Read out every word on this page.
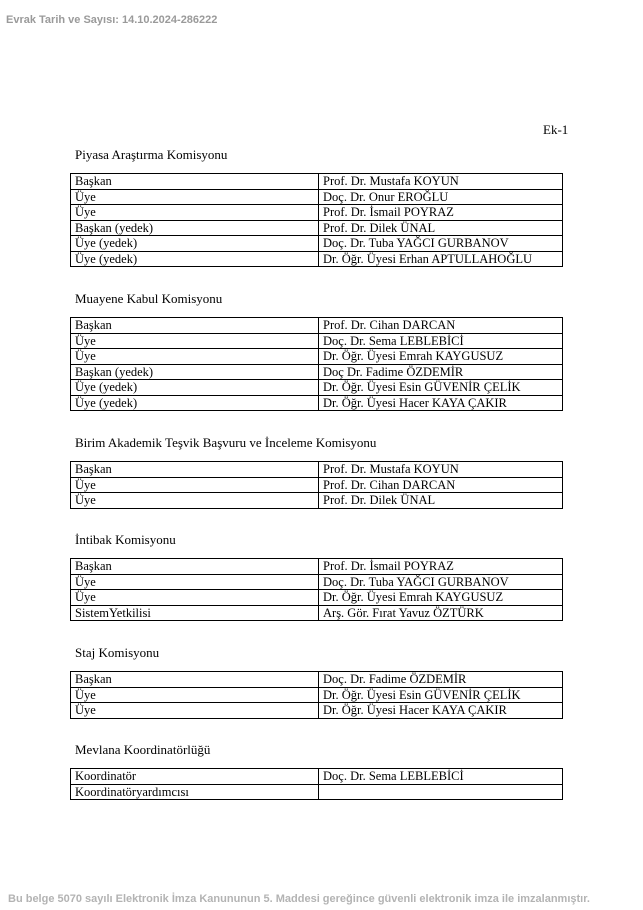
Evrak Tarih ve Sayısı: 14.10.2024-286222
Ek-1
Piyasa Araştırma Komisyonu
Başkan	Prof. Dr. Mustafa KOYUN
Üye	Doç. Dr. Onur EROĞLU
Üye	Prof. Dr. İsmail POYRAZ
Başkan (yedek)	Prof. Dr. Dilek ÜNAL
Üye (yedek)	Doç. Dr. Tuba YAĞCI GURBANOV
Üye (yedek)	Dr. Öğr. Üyesi Erhan APTULLAHOĞLU
Muayene Kabul Komisyonu
Başkan	Prof. Dr. Cihan DARCAN
Üye	Doç. Dr. Sema LEBLEBİCİ
Üye	Dr. Öğr. Üyesi Emrah KAYGUSUZ
Başkan (yedek)	Doç Dr. Fadime ÖZDEMİR
Üye (yedek)	Dr. Öğr. Üyesi Esin GÜVENİR ÇELİK
Üye (yedek)	Dr. Öğr. Üyesi Hacer KAYA ÇAKIR
Birim Akademik Teşvik Başvuru ve İnceleme Komisyonu
Başkan	Prof. Dr. Mustafa KOYUN
Üye	Prof. Dr. Cihan DARCAN
Üye	Prof. Dr. Dilek ÜNAL
İntibak Komisyonu
Başkan	Prof. Dr. İsmail POYRAZ
Üye	Doç. Dr. Tuba YAĞCI GURBANOV
Üye	Dr. Öğr. Üyesi Emrah KAYGUSUZ
SistemYetkilisi	Arş. Gör. Fırat Yavuz ÖZTÜRK
Staj Komisyonu
Başkan	Doç. Dr. Fadime ÖZDEMİR
Üye	Dr. Öğr. Üyesi Esin GÜVENİR ÇELİK
Üye	Dr. Öğr. Üyesi Hacer KAYA ÇAKIR
Mevlana Koordinatörlüğü
Koordinatör	Doç. Dr. Sema LEBLEBİCİ
Koordinatöryardımcısı	
Bu belge 5070 sayılı Elektronik İmza Kanununun 5. Maddesi gereğince güvenli elektronik imza ile imzalanmıştır.
